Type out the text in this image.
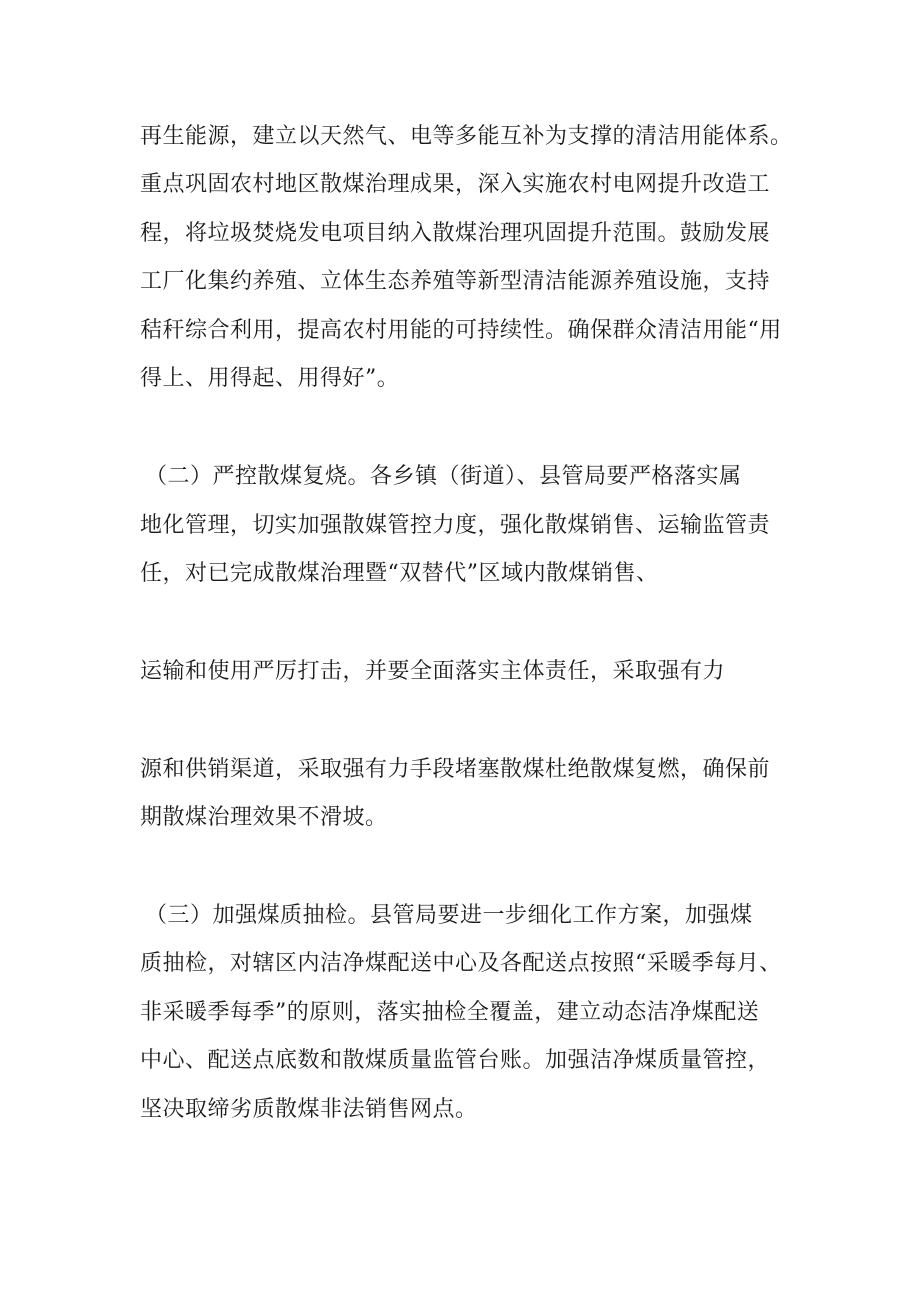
再生能源，建立以天然气、电等多能互补为支撑的清洁用能体系。

重点巩固农村地区散煤治理成果，深入实施农村电网提升改造工

程，将垃圾焚烧发电项目纳入散煤治理巩固提升范围。鼓励发展

工厂化集约养殖、立体生态养殖等新型清洁能源养殖设施，支持

秸秆综合利用，提高农村用能的可持续性。确保群众清洁用能“用

得上、用得起、用得好”。

（二）严控散煤复烧。各乡镇（街道）、县管局要严格落实属

地化管理，切实加强散媒管控力度，强化散煤销售、运输监管责

任，对已完成散煤治理暨“双替代”区域内散煤销售、

运输和使用严厉打击，并要全面落实主体责任，采取强有力

源和供销渠道，采取强有力手段堵塞散煤杜绝散煤复燃，确保前

期散煤治理效果不滑坡。

（三）加强煤质抽检。县管局要进一步细化工作方案，加强煤

质抽检，对辖区内洁净煤配送中心及各配送点按照“采暖季每月、

非采暖季每季”的原则，落实抽检全覆盖，建立动态洁净煤配送

中心、配送点底数和散煤质量监管台账。加强洁净煤质量管控，

坚决取缔劣质散煤非法销售网点。
